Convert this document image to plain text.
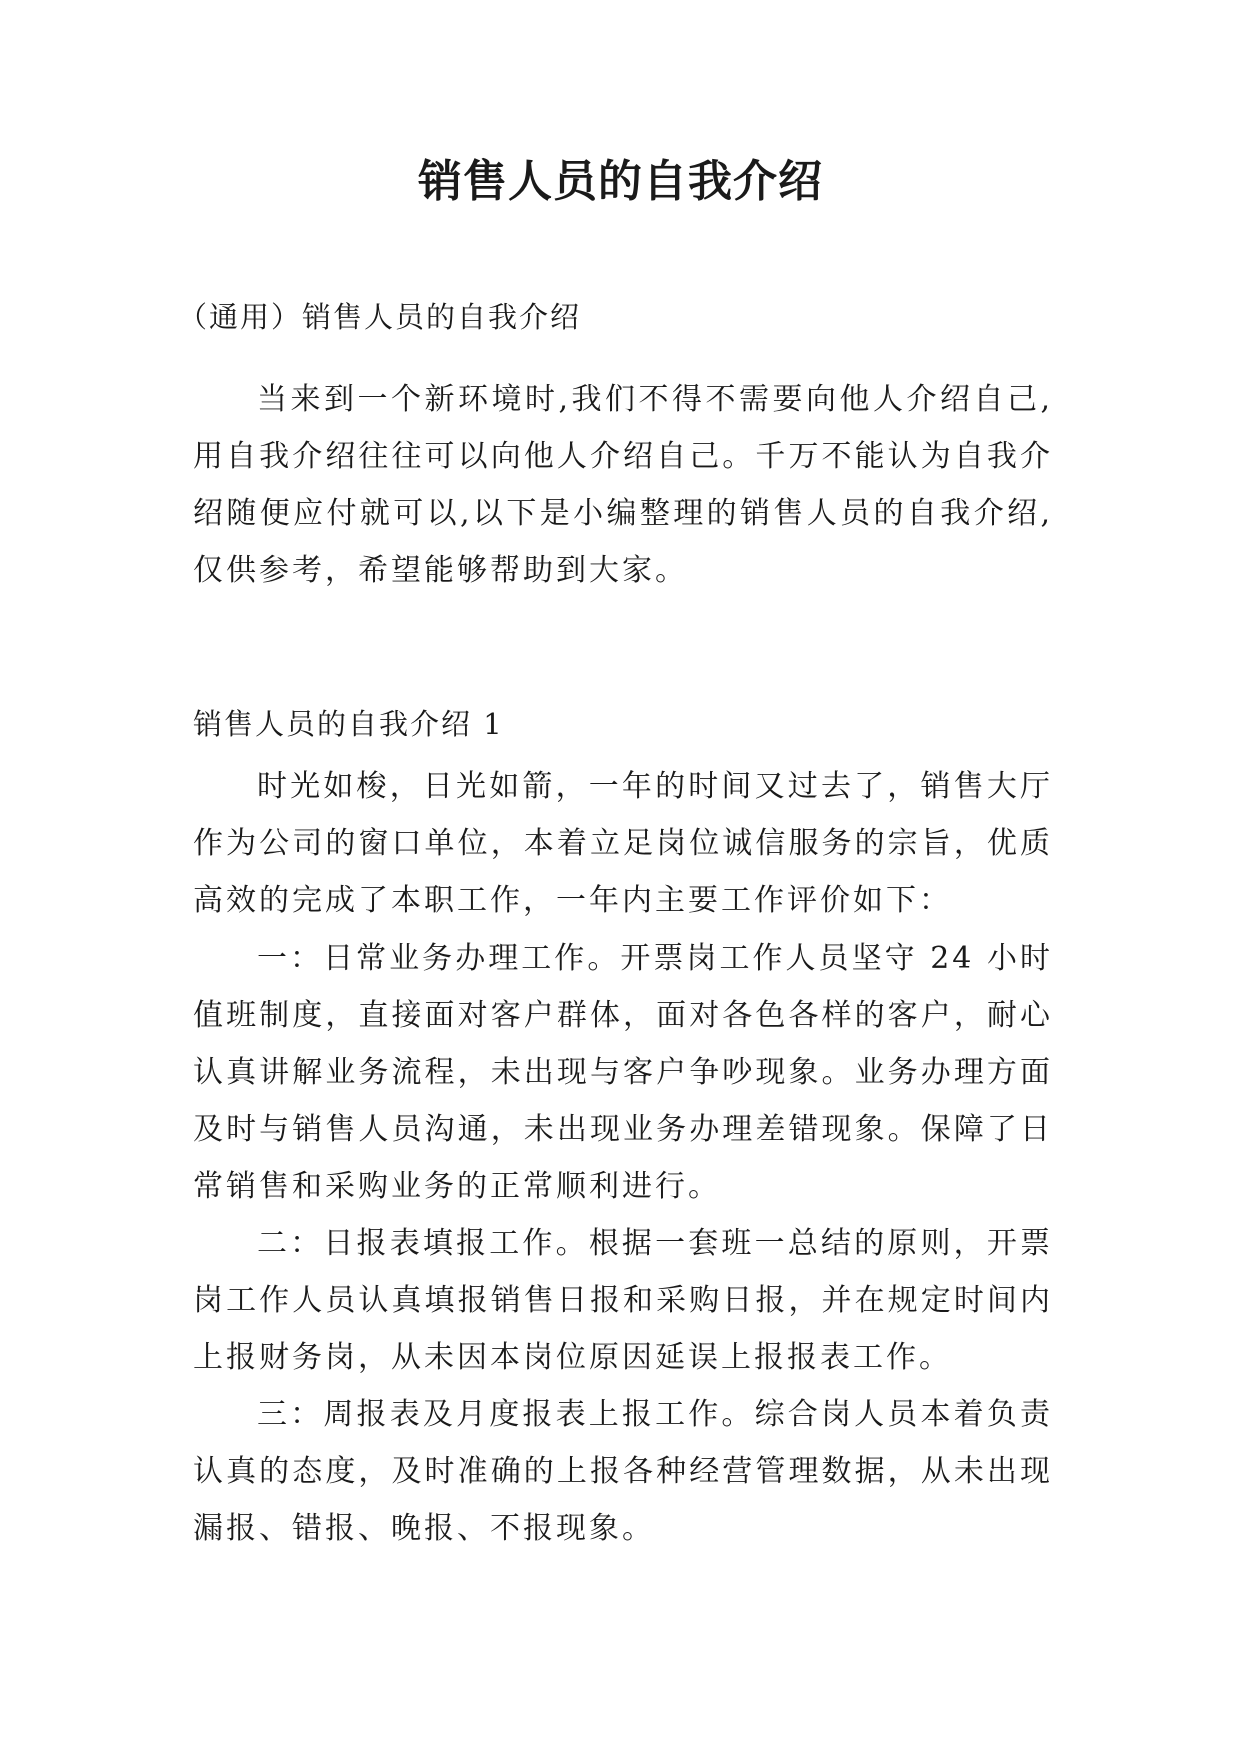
销售人员的自我介绍

（通用）销售人员的自我介绍

当来到一个新环境时,我们不得不需要向他人介绍自己,用自我介绍往往可以向他人介绍自己。千万不能认为自我介绍随便应付就可以,以下是小编整理的销售人员的自我介绍,仅供参考，希望能够帮助到大家。

销售人员的自我介绍 1

时光如梭，日光如箭，一年的时间又过去了，销售大厅作为公司的窗口单位，本着立足岗位诚信服务的宗旨，优质高效的完成了本职工作，一年内主要工作评价如下：

一：日常业务办理工作。开票岗工作人员坚守 24 小时值班制度，直接面对客户群体，面对各色各样的客户，耐心认真讲解业务流程，未出现与客户争吵现象。业务办理方面及时与销售人员沟通，未出现业务办理差错现象。保障了日常销售和采购业务的正常顺利进行。

二：日报表填报工作。根据一套班一总结的原则，开票岗工作人员认真填报销售日报和采购日报，并在规定时间内上报财务岗，从未因本岗位原因延误上报报表工作。

三：周报表及月度报表上报工作。综合岗人员本着负责认真的态度，及时准确的上报各种经营管理数据，从未出现漏报、错报、晚报、不报现象。
